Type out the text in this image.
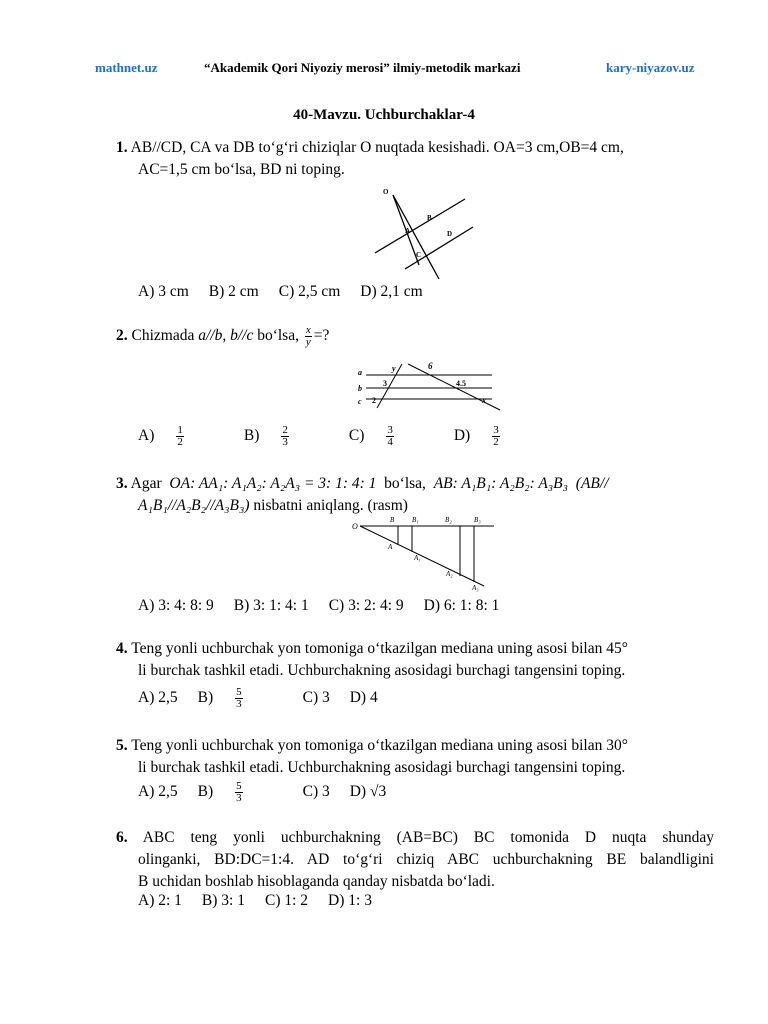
mathnet.uz	“Akademik Qori Niyoziy merosi” ilmiy-metodik markazi	kary-niyazov.uz
40-Mavzu. Uchburchaklar-4
1. AB//CD, CA va DB to‘g‘ri chiziqlar O nuqtada kesishadi. OA=3 cm,OB=4 cm,
AC=1,5 cm bo‘lsa, BD ni toping.
O
A
B
C
D
A) 3 cm B) 2 cm C) 2,5 cm D) 2,1 cm
2. Chizmada a//b, b//c bo‘lsa, $\frac{x}{y}$ =?
a
b
c
y	6
3	4.5
2	x
$A) \frac{1}{2}$	$B) \frac{2}{3}$	$C) \frac{3}{4}$	$D) \frac{3}{2}$
3. Agar OA: AA₁: A₁A₂: A₂A₃ = 3: 1: 4: 1 bo‘lsa, AB: A₁B₁: A₂B₂: A₃B₃ (AB//
A₁B₁//A₂B₂//A₃B₃) nisbatni aniqlang. (rasm)
O
B	B₁	B₂	B₃
A
A₁
A₂
A₃
A) 3: 4: 8: 9 B) 3: 1: 4: 1 C) 3: 2: 4: 9 D) 6: 1: 8: 1
4. Teng yonli uchburchak yon tomoniga o‘tkazilgan mediana uning asosi bilan 45°
li burchak tashkil etadi. Uchburchakning asosidagi burchagi tangensini toping.
A) 2,5 $B) \frac{5}{3}$	C) 3 D) 4
5. Teng yonli uchburchak yon tomoniga o‘tkazilgan mediana uning asosi bilan 30°
li burchak tashkil etadi. Uchburchakning asosidagi burchagi tangensini toping.
A) 2,5 $B) \frac{5}{3}$	C) 3 D) √3
6. ABC teng yonli uchburchakning (AB=BC) BC tomonida D nuqta shunday
olinganki, BD:DC=1:4. AD to‘g‘ri chiziq ABC uchburchakning BE balandligini
B uchidan boshlab hisoblaganda qanday nisbatda bo‘ladi.
A) 2: 1 B) 3: 1 C) 1: 2 D) 1: 3
